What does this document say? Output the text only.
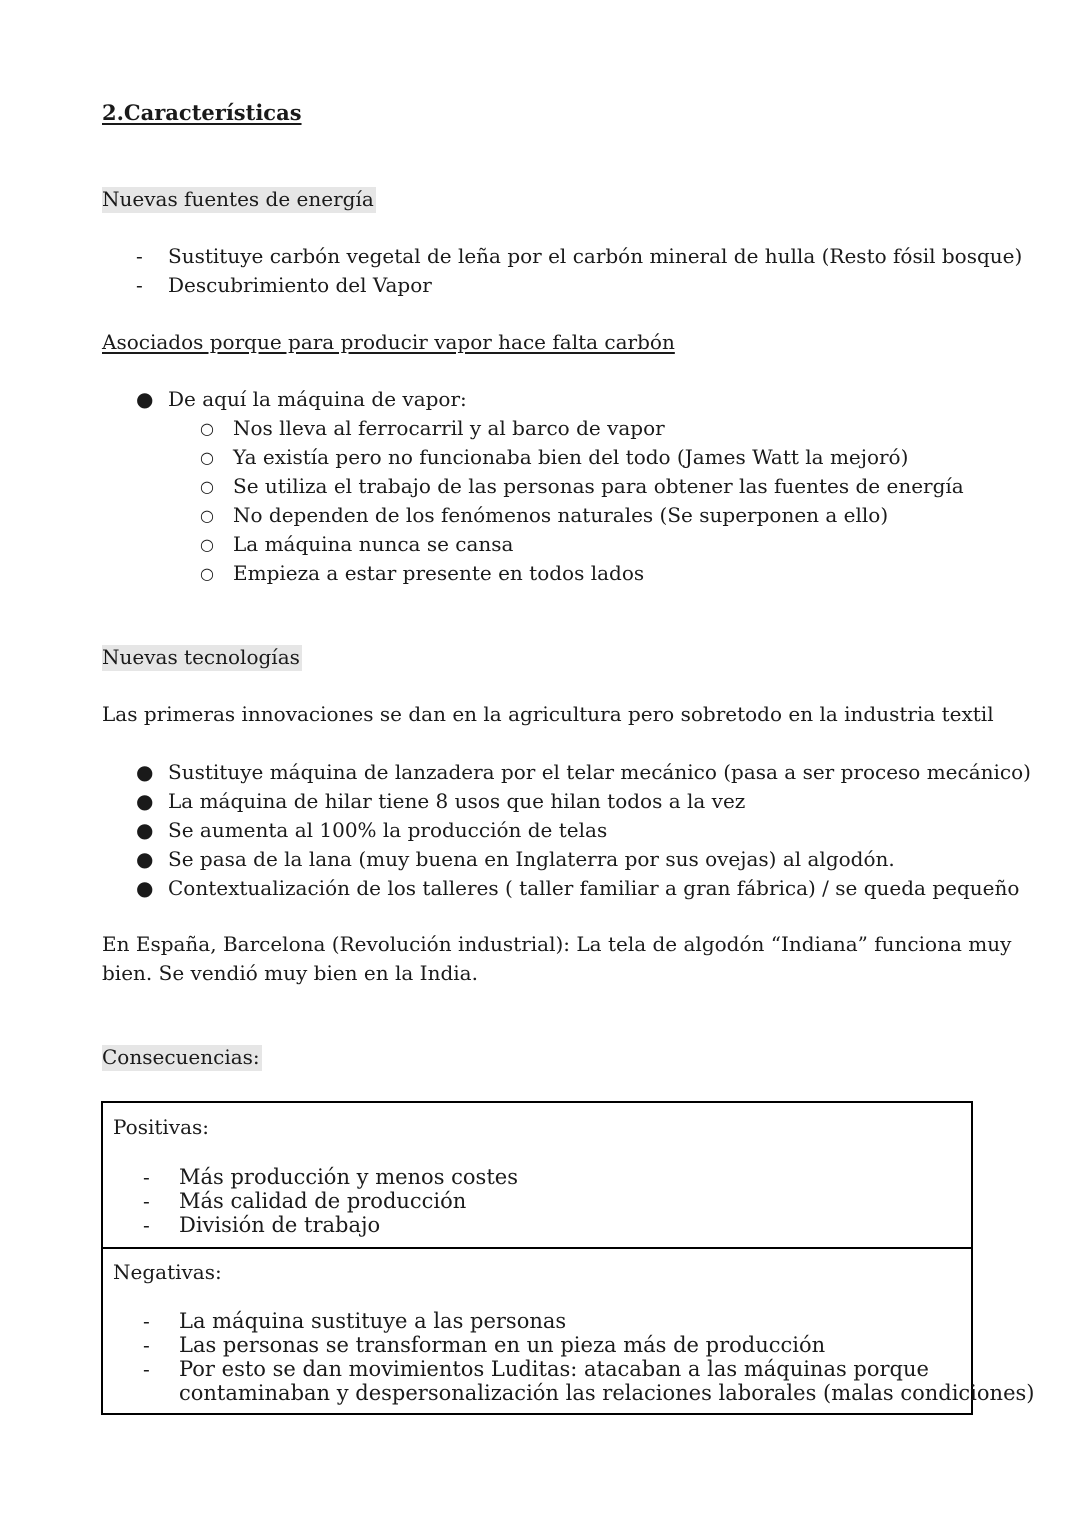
2.Características
Nuevas fuentes de energía
- Sustituye carbón vegetal de leña por el carbón mineral de hulla (Resto fósil bosque)
- Descubrimiento del Vapor
Asociados porque para producir vapor hace falta carbón
● De aquí la máquina de vapor:
○ Nos lleva al ferrocarril y al barco de vapor
○ Ya existía pero no funcionaba bien del todo (James Watt la mejoró)
○ Se utiliza el trabajo de las personas para obtener las fuentes de energía
○ No dependen de los fenómenos naturales (Se superponen a ello)
○ La máquina nunca se cansa
○ Empieza a estar presente en todos lados
Nuevas tecnologías
Las primeras innovaciones se dan en la agricultura pero sobretodo en la industria textil
● Sustituye máquina de lanzadera por el telar mecánico (pasa a ser proceso mecánico)
● La máquina de hilar tiene 8 usos que hilan todos a la vez
● Se aumenta al 100% la producción de telas
● Se pasa de la lana (muy buena en Inglaterra por sus ovejas) al algodón.
● Contextualización de los talleres ( taller familiar a gran fábrica) / se queda pequeño
En España, Barcelona (Revolución industrial): La tela de algodón “Indiana” funciona muy
bien. Se vendió muy bien en la India.
Consecuencias:
Positivas:
- Más producción y menos costes
- Más calidad de producción
- División de trabajo
Negativas:
- La máquina sustituye a las personas
- Las personas se transforman en un pieza más de producción
- Por esto se dan movimientos Luditas: atacaban a las máquinas porque
contaminaban y despersonalización las relaciones laborales (malas condiciones)
